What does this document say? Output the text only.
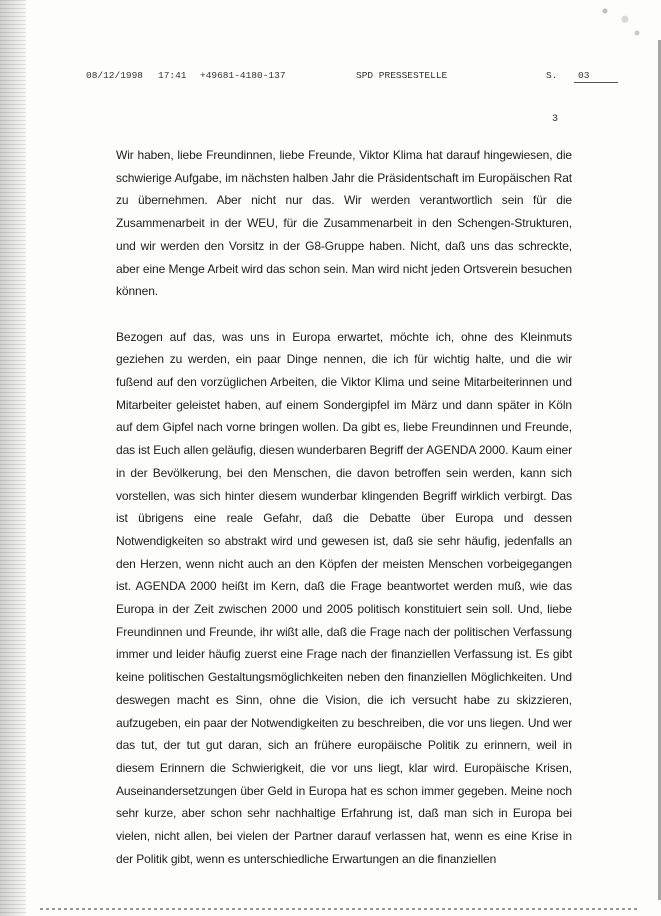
08/12/1998 17:41 +49681-4180-137	SPD PRESSESTELLE	S. 03
3

Wir haben, liebe Freundinnen, liebe Freunde, Viktor Klima hat darauf hingewiesen, die schwierige Aufgabe, im nächsten halben Jahr die Präsidentschaft im Europäischen Rat zu übernehmen. Aber nicht nur das. Wir werden verantwortlich sein für die Zusammenarbeit in der WEU, für die Zusammenarbeit in den Schengen-Strukturen, und wir werden den Vorsitz in der G8-Gruppe haben. Nicht, daß uns das schreckte, aber eine Menge Arbeit wird das schon sein. Man wird nicht jeden Ortsverein besuchen können.

Bezogen auf das, was uns in Europa erwartet, möchte ich, ohne des Kleinmuts geziehen zu werden, ein paar Dinge nennen, die ich für wichtig halte, und die wir fußend auf den vorzüglichen Arbeiten, die Viktor Klima und seine Mitarbeiterinnen und Mitarbeiter geleistet haben, auf einem Sondergipfel im März und dann später in Köln auf dem Gipfel nach vorne bringen wollen. Da gibt es, liebe Freundinnen und Freunde, das ist Euch allen geläufig, diesen wunderbaren Begriff der AGENDA 2000. Kaum einer in der Bevölkerung, bei den Menschen, die davon betroffen sein werden, kann sich vorstellen, was sich hinter diesem wunderbar klingenden Begriff wirklich verbirgt. Das ist übrigens eine reale Gefahr, daß die Debatte über Europa und dessen Notwendigkeiten so abstrakt wird und gewesen ist, daß sie sehr häufig, jedenfalls an den Herzen, wenn nicht auch an den Köpfen der meisten Menschen vorbeigegangen ist. AGENDA 2000 heißt im Kern, daß die Frage beantwortet werden muß, wie das Europa in der Zeit zwischen 2000 und 2005 politisch konstituiert sein soll. Und, liebe Freundinnen und Freunde, ihr wißt alle, daß die Frage nach der politischen Verfassung immer und leider häufig zuerst eine Frage nach der finanziellen Verfassung ist. Es gibt keine politischen Gestaltungsmöglichkeiten neben den finanziellen Möglichkeiten. Und deswegen macht es Sinn, ohne die Vision, die ich versucht habe zu skizzieren, aufzugeben, ein paar der Notwendigkeiten zu beschreiben, die vor uns liegen. Und wer das tut, der tut gut daran, sich an frühere europäische Politik zu erinnern, weil in diesem Erinnern die Schwierigkeit, die vor uns liegt, klar wird. Europäische Krisen, Auseinandersetzungen über Geld in Europa hat es schon immer gegeben. Meine noch sehr kurze, aber schon sehr nachhaltige Erfahrung ist, daß man sich in Europa bei vielen, nicht allen, bei vielen der Partner darauf verlassen hat, wenn es eine Krise in der Politik gibt, wenn es unterschiedliche Erwartungen an die finanziellen
